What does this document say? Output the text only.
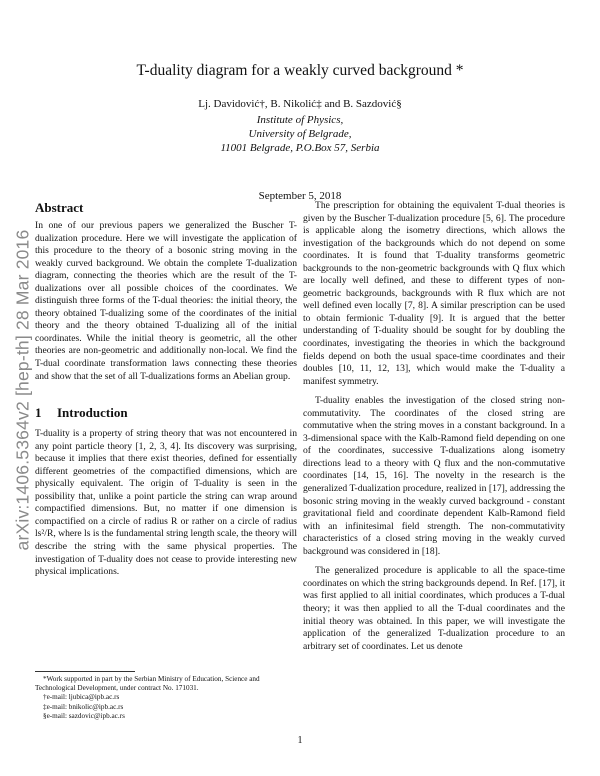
T-duality diagram for a weakly curved background *
Lj. Davidović†, B. Nikolić‡ and B. Sazdović§
Institute of Physics,
University of Belgrade,
11001 Belgrade, P.O.Box 57, Serbia
September 5, 2018
arXiv:1406.5364v2 [hep-th] 28 Mar 2016
Abstract

In one of our previous papers we generalized the Buscher T-dualization procedure. Here we will investigate the application of this procedure to the theory of a bosonic string moving in the weakly curved background. We obtain the complete T-dualization diagram, connecting the theories which are the result of the T-dualizations over all possible choices of the coordinates. We distinguish three forms of the T-dual theories: the initial theory, the theory obtained T-dualizing some of the coordinates of the initial theory and the theory obtained T-dualizing all of the initial coordinates. While the initial theory is geometric, all the other theories are non-geometric and additionally non-local. We find the T-dual coordinate transformation laws connecting these theories and show that the set of all T-dualizations forms an Abelian group.

1 Introduction

T-duality is a property of string theory that was not encountered in any point particle theory [1, 2, 3, 4]. Its discovery was surprising, because it implies that there exist theories, defined for essentially different geometries of the compactified dimensions, which are physically equivalent. The origin of T-duality is seen in the possibility that, unlike a point particle the string can wrap around compactified dimensions. But, no matter if one dimension is compactified on a circle of radius R or rather on a circle of radius ls²/R, where ls is the fundamental string length scale, the theory will describe the string with the same physical properties. The investigation of T-duality does not cease to provide interesting new physical implications.

The prescription for obtaining the equivalent T-dual theories is given by the Buscher T-dualization procedure [5, 6]. The procedure is applicable along the isometry directions, which allows the investigation of the backgrounds which do not depend on some coordinates. It is found that T-duality transforms geometric backgrounds to the non-geometric backgrounds with Q flux which are locally well defined, and these to different types of non-geometric backgrounds, backgrounds with R flux which are not well defined even locally [7, 8]. A similar prescription can be used to obtain fermionic T-duality [9]. It is argued that the better understanding of T-duality should be sought for by doubling the coordinates, investigating the theories in which the background fields depend on both the usual space-time coordinates and their doubles [10, 11, 12, 13], which would make the T-duality a manifest symmetry.

T-duality enables the investigation of the closed string non-commutativity. The coordinates of the closed string are commutative when the string moves in a constant background. In a 3-dimensional space with the Kalb-Ramond field depending on one of the coordinates, successive T-dualizations along isometry directions lead to a theory with Q flux and the non-commutative coordinates [14, 15, 16]. The novelty in the research is the generalized T-dualization procedure, realized in [17], addressing the bosonic string moving in the weakly curved background - constant gravitational field and coordinate dependent Kalb-Ramond field with an infinitesimal field strength. The non-commutativity characteristics of a closed string moving in the weakly curved background was considered in [18].

The generalized procedure is applicable to all the space-time coordinates on which the string backgrounds depend. In Ref. [17], it was first applied to all initial coordinates, which produces a T-dual theory; it was then applied to all the T-dual coordinates and the initial theory was obtained. In this paper, we will investigate the application of the generalized T-dualization procedure to an arbitrary set of coordinates. Let us denote

*Work supported in part by the Serbian Ministry of Education, Science and Technological Development, under contract No. 171031.

†e-mail: ljubica@ipb.ac.rs

‡e-mail: bnikolic@ipb.ac.rs

§e-mail: sazdovic@ipb.ac.rs

1
